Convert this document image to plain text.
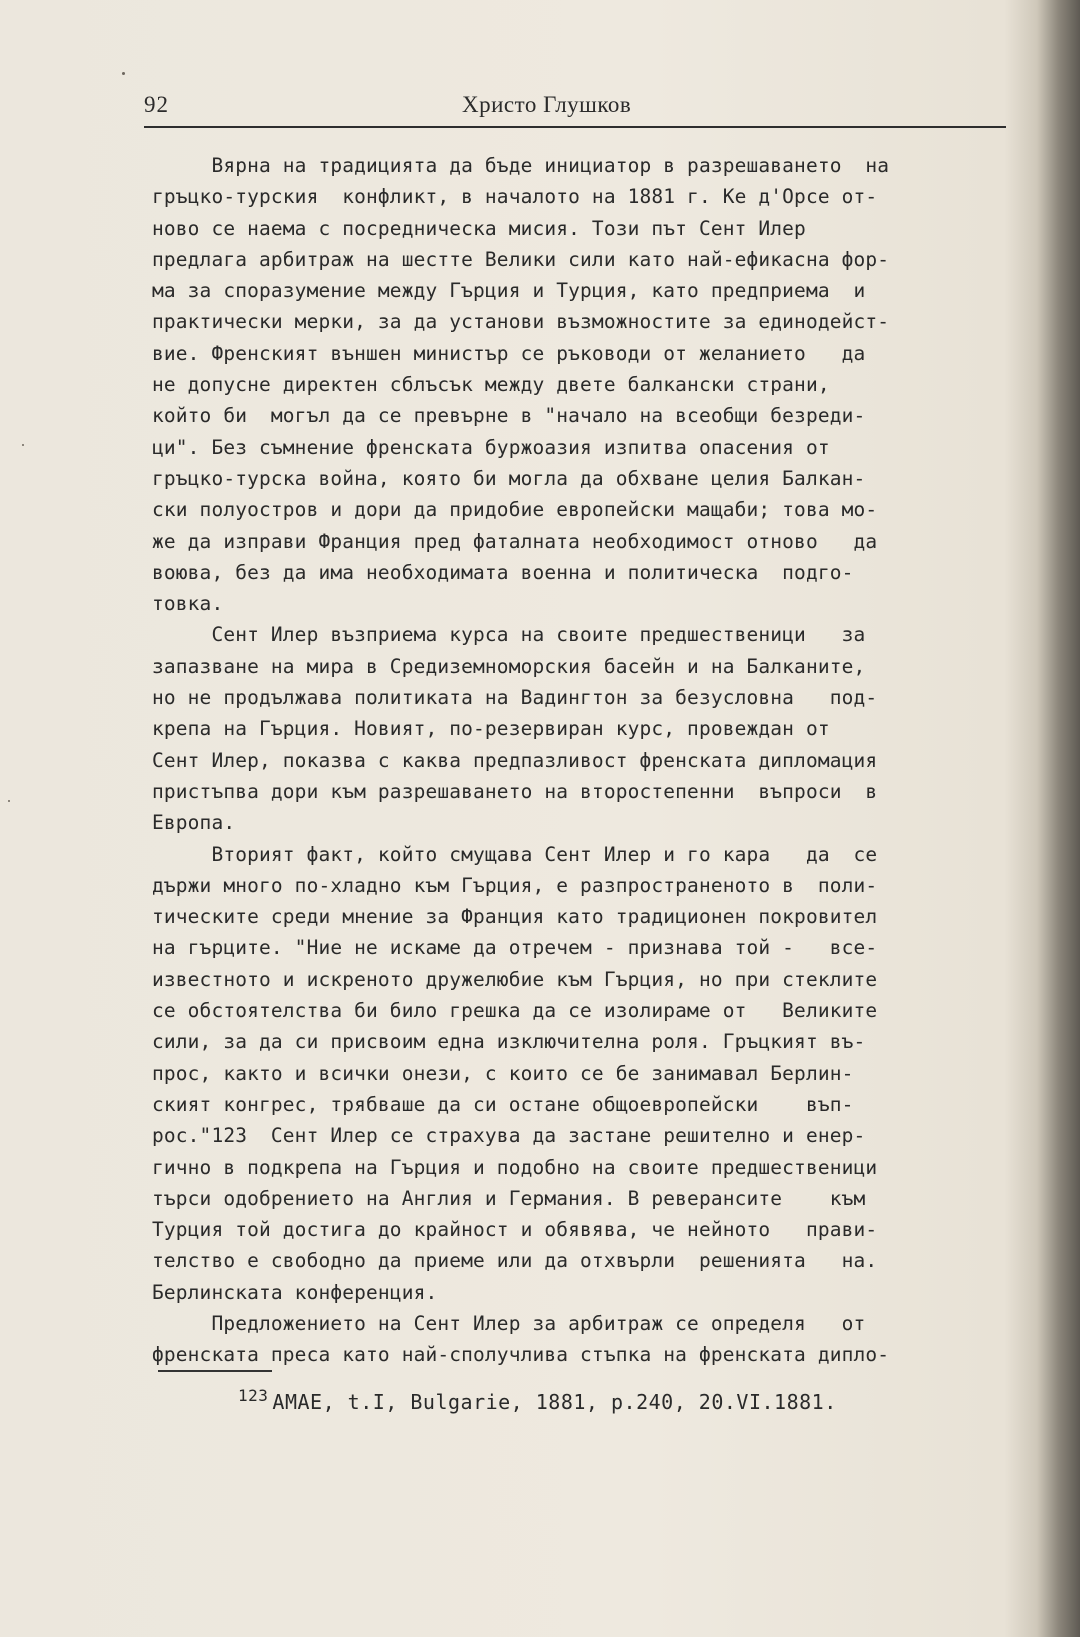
92	Христо Глушков
Вярна на традицията да бъде инициатор в разрешаването  на
гръцко-турския  конфликт, в началото на 1881 г. Ке д'Орсе от-
ново се наема с посредническа мисия. Този път Сент Илер
предлага арбитраж на шестте Велики сили като най-ефикасна фор-
ма за споразумение между Гърция и Турция, като предприема  и
практически мерки, за да установи възможностите за единодейст-
вие. Френският външен министър се ръководи от желанието   да
не допусне директен сблъсък между двете балкански страни,
който би  могъл да се превърне в "начало на всеобщи безреди-
ци". Без съмнение френската буржоазия изпитва опасения от
гръцко-турска война, която би могла да обхване целия Балкан-
ски полуостров и дори да придобие европейски мащаби; това мо-
же да изправи Франция пред фаталната необходимост отново   да
воюва, без да има необходимата военна и политическа  подго-
товка.
Сент Илер възприема курса на своите предшественици   за
запазване на мира в Средиземноморския басейн и на Балканите,
но не продължава политиката на Вадингтон за безусловна   под-
крепа на Гърция. Новият, по-резервиран курс, провеждан от
Сент Илер, показва с каква предпазливост френската дипломация
пристъпва дори към разрешаването на второстепенни  въпроси  в
Европа.
Вторият факт, който смущава Сент Илер и го кара   да  се
държи много по-хладно към Гърция, е разпространеното в  поли-
тическите среди мнение за Франция като традиционен покровител
на гърците. "Ние не искаме да отречем - признава той -   все-
известното и искреното дружелюбие към Гърция, но при стеклите
се обстоятелства би било грешка да се изолираме от   Великите
сили, за да си присвоим една изключителна роля. Гръцкият въ-
прос, както и всички онези, с които се бе занимавал Берлин-
ският конгрес, трябваше да си остане общоевропейски    въп-
рос."123  Сент Илер се страхува да застане решително и енер-
гично в подкрепа на Гърция и подобно на своите предшественици
търси одобрението на Англия и Германия. В реверансите    към
Турция той достига до крайност и обявява, че нейното   прави-
телство е свободно да приеме или да отхвърли  решенията   на.
Берлинската конференция.
Предложението на Сент Илер за арбитраж се определя   от
френската преса като най-сполучлива стъпка на френската дипло-
$^{123}$ AMAE, t.I, Bulgarie, 1881, p.240, 20.VI.1881.
